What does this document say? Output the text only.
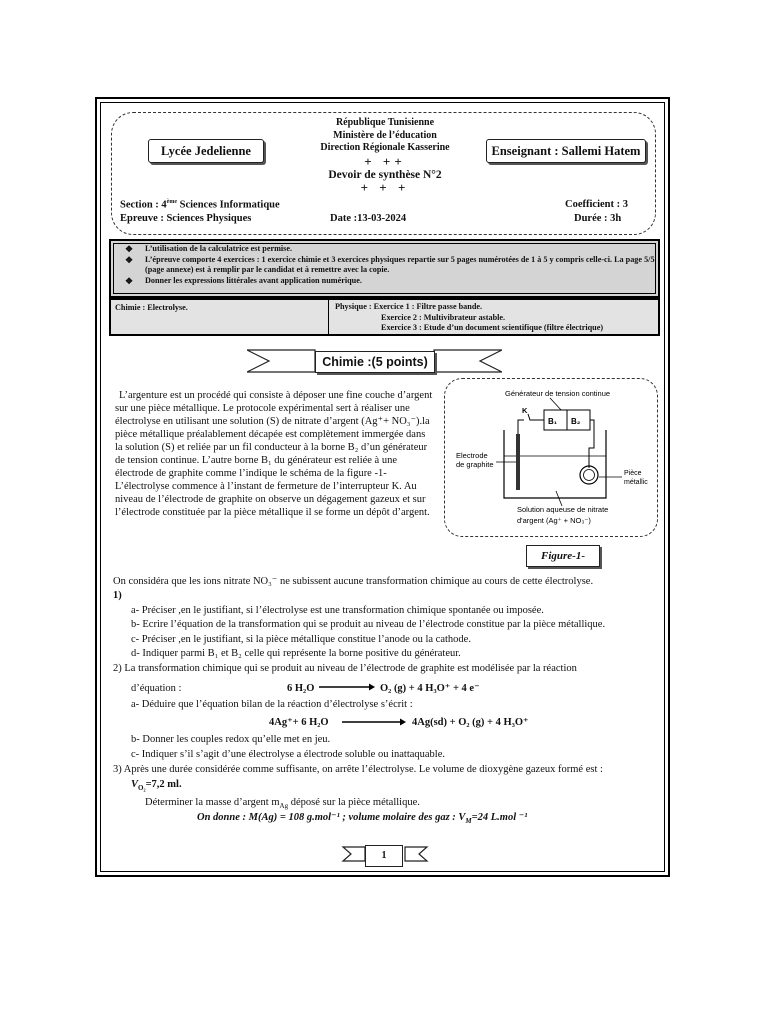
Lycée Jedelienne	Enseignant : Sallemi Hatem
République Tunisienne
Ministère de l’éducation
Direction Régionale Kasserine
+ ++
Devoir de synthèse N°2
+ + +
Section : 4ème Sciences Informatique
Epreuve : Sciences Physiques	Date :13-03-2024
Coefficient : 3
Durée : 3h
❖ L’utilisation de la calculatrice est permise.
❖ L’épreuve comporte 4 exercices : 1 exercice chimie et 3 exercices physiques repartie sur 5 pages numérotées de 1 à 5 y compris celle-ci. La page 5/5 (page annexe) est à remplir par le candidat et à remettre avec la copie.
❖ Donner les expressions littérales avant application numérique.
Chimie : Electrolyse.	Physique : Exercice 1 : Filtre passe bande.
Exercice 2 : Multivibrateur astable.
Exercice 3 : Etude d’un document scientifique (filtre électrique)
Chimie :(5 points)
L’argenture est un procédé qui consiste à déposer une fine couche d’argent sur une pièce métallique. Le protocole expérimental sert à réaliser une électrolyse en utilisant une solution (S) de nitrate d’argent (Ag⁺+ NO₃⁻).la pièce métallique préalablement décapée est complètement immergée dans la solution (S) et reliée par un fil conducteur à la borne B₂ d’un générateur de tension continue. L’autre borne B₁ du générateur est reliée à une électrode de graphite comme l’indique le schéma de la figure -1-
L’électrolyse commence à l’instant de fermeture de l’interrupteur K. Au niveau de l’électrode de graphite on observe un dégagement gazeux et sur l’électrode constituée par la pièce métallique il se forme un dépôt d’argent.
Générateur de tension continue
B₁ B₂
K
Electrode
de graphite
Pièce
métallic
Solution aqueuse de nitrate
d'argent (Ag⁺ + NO₃⁻)
Figure-1-
On considéra que les ions nitrate NO₃⁻ ne subissent aucune transformation chimique au cours de cette électrolyse.
1)
a- Préciser ,en le justifiant, si l’électrolyse est une transformation chimique spontanée ou imposée.
b- Ecrire l’équation de la transformation qui se produit au niveau de l’électrode constitue par la pièce métallique.
c- Préciser ,en le justifiant, si la pièce métallique constitue l’anode ou la cathode.
d- Indiquer parmi B₁ et B₂ celle qui représente la borne positive du générateur.
2) La transformation chimique qui se produit au niveau de l’électrode de graphite est modélisée par la réaction
d’équation :	6 H₂O → O₂ (g) + 4 H₃O⁺ + 4 e⁻
a- Déduire que l’équation bilan de la réaction d’électrolyse s’écrit :
4Ag⁺+ 6 H₂O → 4Ag(sd) + O₂ (g) + 4 H₃O⁺
b- Donner les couples redox qu’elle met en jeu.
c- Indiquer s’il s’agit d’une électrolyse a électrode soluble ou inattaquable.
3) Après une durée considérée comme suffisante, on arrête l’électrolyse. Le volume de dioxygène gazeux formé est :
$V_{O_2}=7,2$ ml.
Déterminer la masse d’argent $m_{Ag}$ déposé sur la pièce métallique.
On donne : M(Ag) = 108 g.mol⁻¹ ; volume molaire des gaz : $V_M=24$ L.mol ⁻¹
1
